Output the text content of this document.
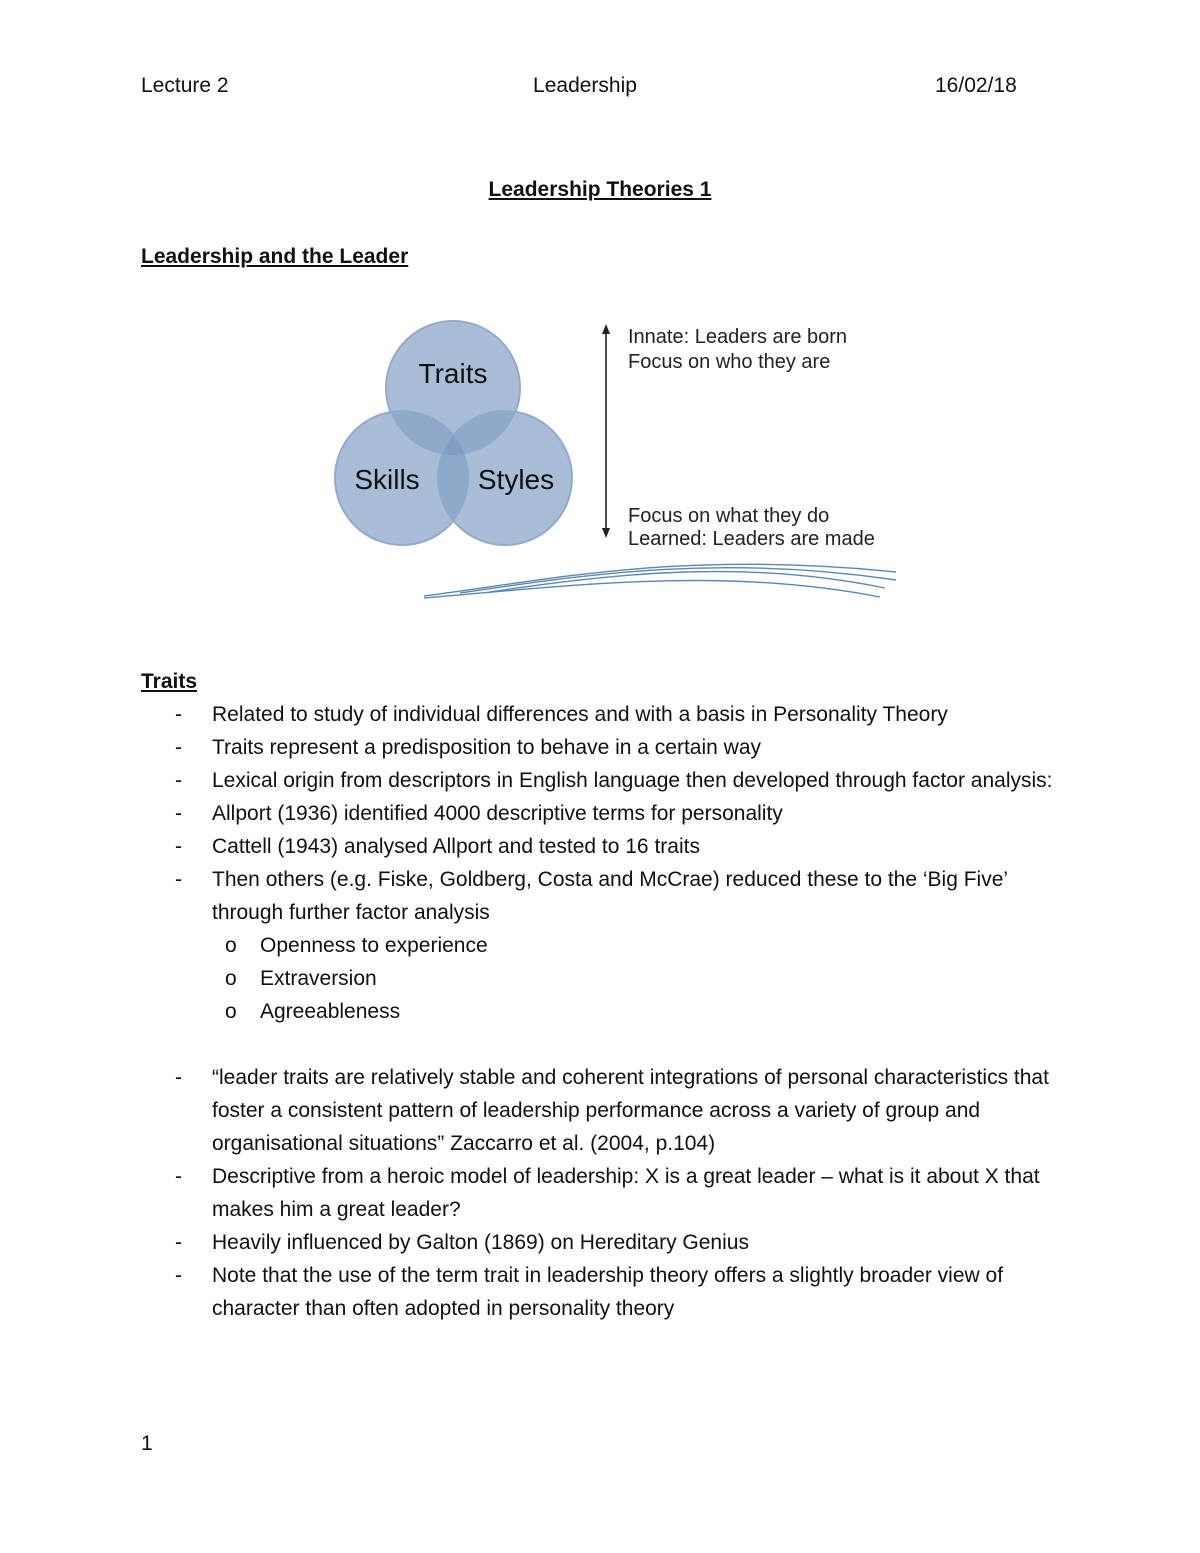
Lecture 2	Leadership	16/02/18
Leadership Theories 1
Leadership and the Leader
Traits
Skills Styles
Innate: Leaders are born
Focus on who they are
Focus on what they do
Learned: Leaders are made
Traits
- Related to study of individual differences and with a basis in Personality Theory
- Traits represent a predisposition to behave in a certain way
- Lexical origin from descriptors in English language then developed through factor analysis:
- Allport (1936) identified 4000 descriptive terms for personality
- Cattell (1943) analysed Allport and tested to 16 traits
- Then others (e.g. Fiske, Goldberg, Costa and McCrae) reduced these to the ‘Big Five’ through further factor analysis
o Openness to experience
o Extraversion
o Agreeableness
- “leader traits are relatively stable and coherent integrations of personal characteristics that foster a consistent pattern of leadership performance across a variety of group and organisational situations” Zaccarro et al. (2004, p.104)
- Descriptive from a heroic model of leadership: X is a great leader – what is it about X that makes him a great leader?
- Heavily influenced by Galton (1869) on Hereditary Genius
- Note that the use of the term trait in leadership theory offers a slightly broader view of character than often adopted in personality theory
1
